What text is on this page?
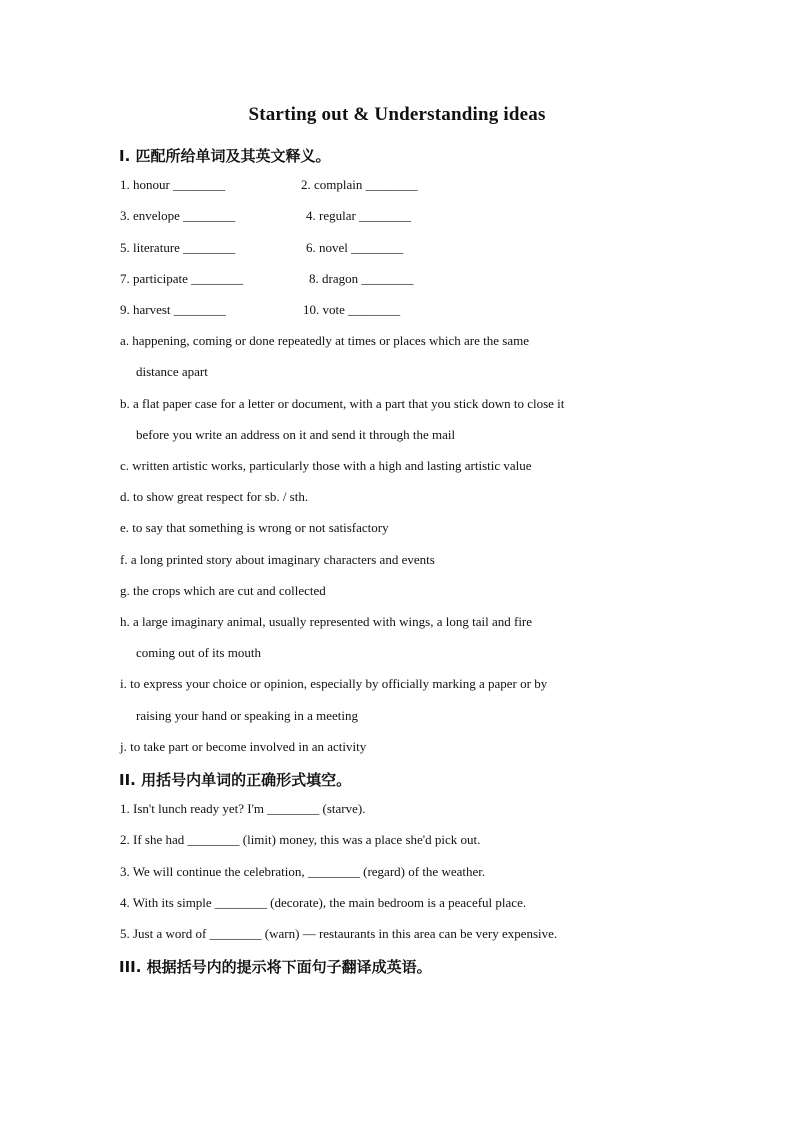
Starting out & Understanding ideas
I. 匹配所给单词及其英文释义。
1. honour ________	2. complain ________
3. envelope ________	4. regular ________
5. literature ________	6. novel ________
7. participate ________	8. dragon ________
9. harvest ________	10. vote ________
a. happening, coming or done repeatedly at times or places which are the same
distance apart
b. a flat paper case for a letter or document, with a part that you stick down to close it
before you write an address on it and send it through the mail
c. written artistic works, particularly those with a high and lasting artistic value
d. to show great respect for sb. / sth.
e. to say that something is wrong or not satisfactory
f. a long printed story about imaginary characters and events
g. the crops which are cut and collected
h. a large imaginary animal, usually represented with wings, a long tail and fire
coming out of its mouth
i. to express your choice or opinion, especially by officially marking a paper or by
raising your hand or speaking in a meeting
j. to take part or become involved in an activity
II. 用括号内单词的正确形式填空。
1. Isn't lunch ready yet? I'm ________ (starve).
2. If she had ________ (limit) money, this was a place she'd pick out.
3. We will continue the celebration, ________ (regard) of the weather.
4. With its simple ________ (decorate), the main bedroom is a peaceful place.
5. Just a word of ________ (warn) — restaurants in this area can be very expensive.
III. 根据括号内的提示将下面句子翻译成英语。
